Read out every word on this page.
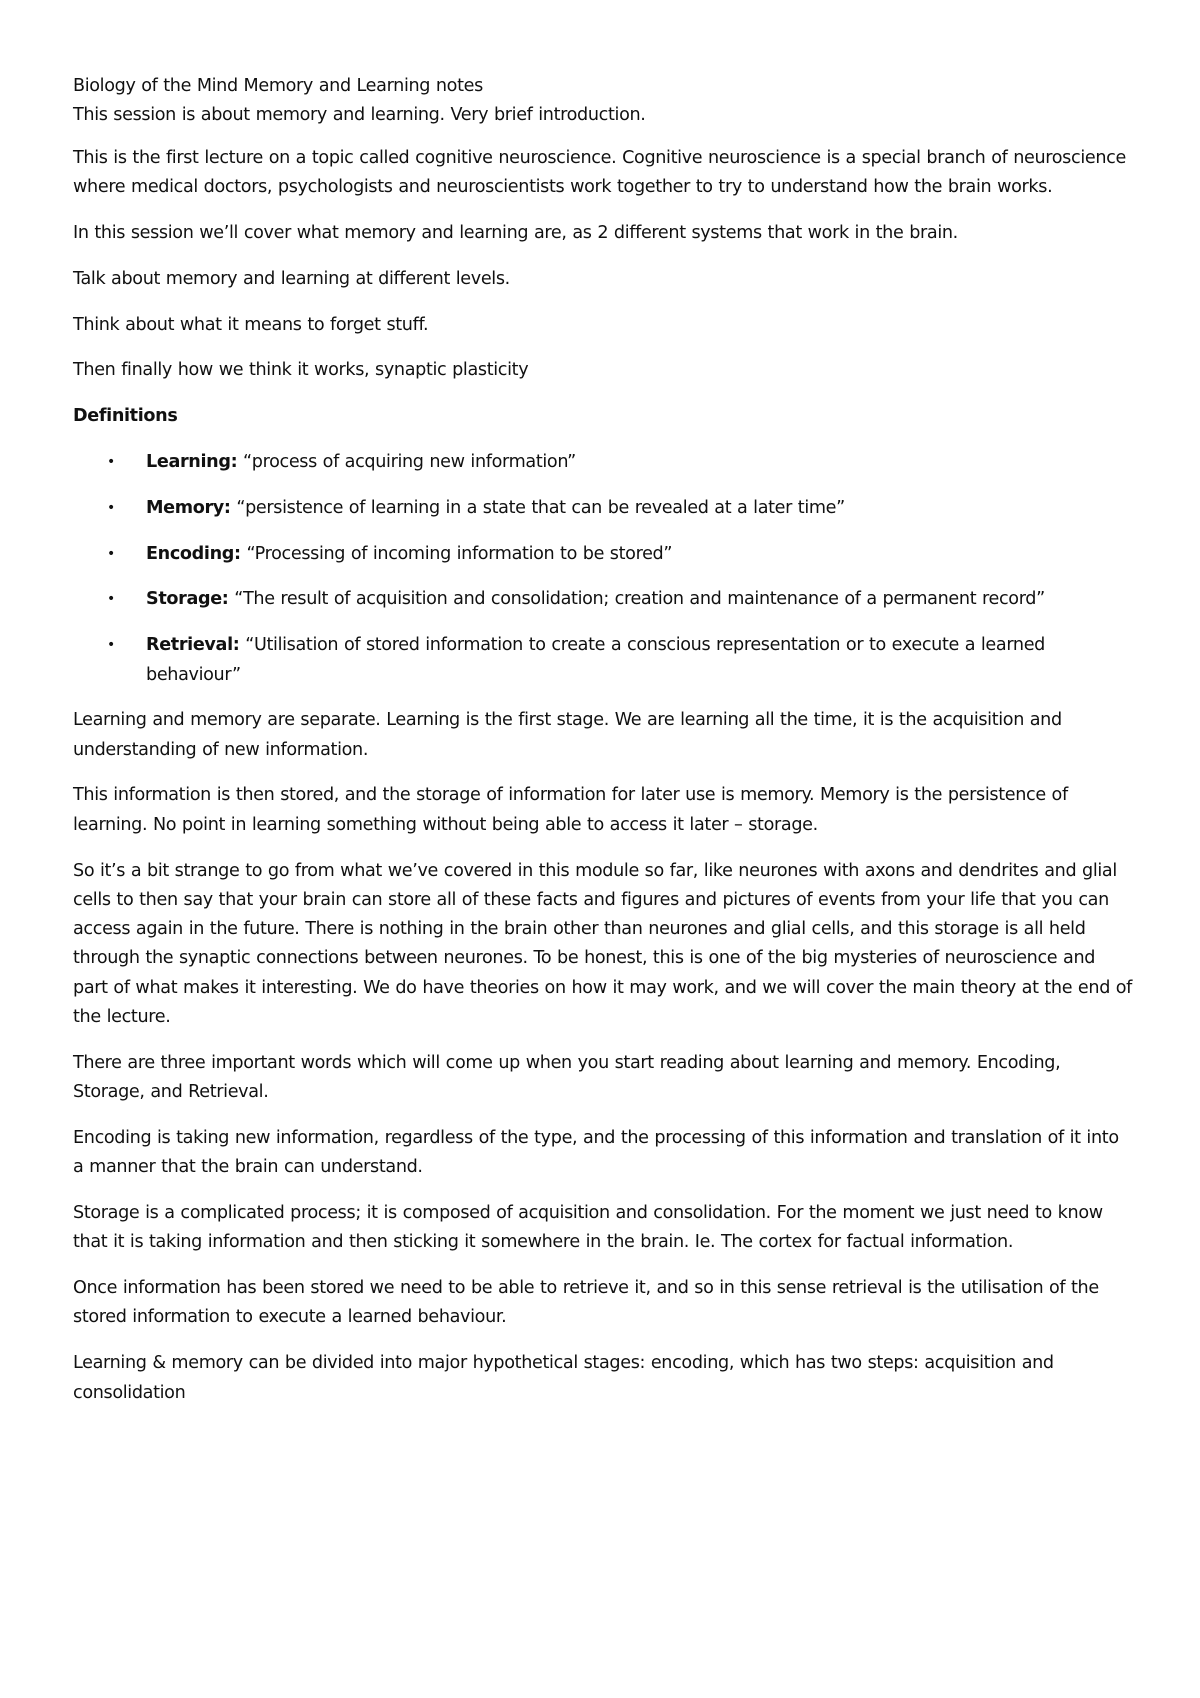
Biology of the Mind Memory and Learning notes

This session is about memory and learning. Very brief introduction.

This is the first lecture on a topic called cognitive neuroscience. Cognitive neuroscience is a special branch of neuroscience where medical doctors, psychologists and neuroscientists work together to try to understand how the brain works.

In this session we’ll cover what memory and learning are, as 2 different systems that work in the brain.

Talk about memory and learning at different levels.

Think about what it means to forget stuff.

Then finally how we think it works, synaptic plasticity

Definitions

• Learning: “process of acquiring new information”
• Memory: “persistence of learning in a state that can be revealed at a later time”
• Encoding: “Processing of incoming information to be stored”
• Storage: “The result of acquisition and consolidation; creation and maintenance of a permanent record”
• Retrieval: “Utilisation of stored information to create a conscious representation or to execute a learned behaviour”

Learning and memory are separate. Learning is the first stage. We are learning all the time, it is the acquisition and understanding of new information.

This information is then stored, and the storage of information for later use is memory. Memory is the persistence of learning. No point in learning something without being able to access it later – storage.

So it’s a bit strange to go from what we’ve covered in this module so far, like neurones with axons and dendrites and glial cells to then say that your brain can store all of these facts and figures and pictures of events from your life that you can access again in the future. There is nothing in the brain other than neurones and glial cells, and this storage is all held through the synaptic connections between neurones. To be honest, this is one of the big mysteries of neuroscience and part of what makes it interesting. We do have theories on how it may work, and we will cover the main theory at the end of the lecture.

There are three important words which will come up when you start reading about learning and memory. Encoding, Storage, and Retrieval.

Encoding is taking new information, regardless of the type, and the processing of this information and translation of it into a manner that the brain can understand.

Storage is a complicated process; it is composed of acquisition and consolidation. For the moment we just need to know that it is taking information and then sticking it somewhere in the brain. Ie. The cortex for factual information.

Once information has been stored we need to be able to retrieve it, and so in this sense retrieval is the utilisation of the stored information to execute a learned behaviour.

Learning & memory can be divided into major hypothetical stages: encoding, which has two steps: acquisition and consolidation
